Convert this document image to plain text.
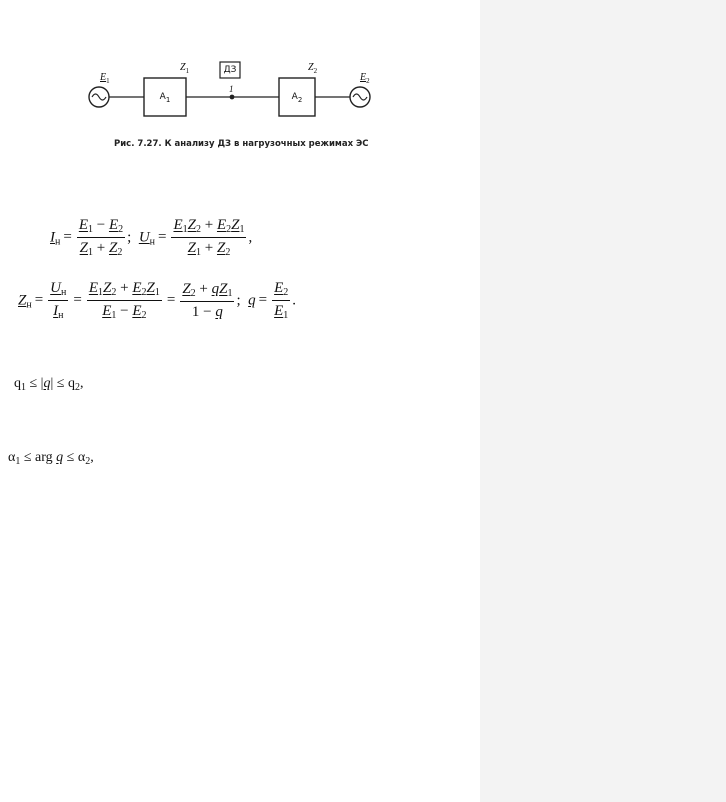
$E_1$
$Z_1$	ДЗ
1
$Z_2$
$E_2$
$A_1$	$A_2$
Рис. 7.27. К анализу ДЗ в нагрузочных режимах ЭС
$I_н = \frac{E_1 - E_2}{Z_1 + Z_2}$ ;  $U_н = \frac{E_1Z_2 + E_2Z_1}{Z_1 + Z_2}$ ,
$Z_н = \frac{U_н}{I_н} = \frac{E_1Z_2 + E_2Z_1}{E_1 - E_2} = \frac{Z_2 + qZ_1}{1 - q}$ ;  $q = \frac{E_2}{E_1}$ .
$q_1 \le |q| \le q_2$,
$\alpha_1$ ≤ arg $q \le \alpha_2$,
